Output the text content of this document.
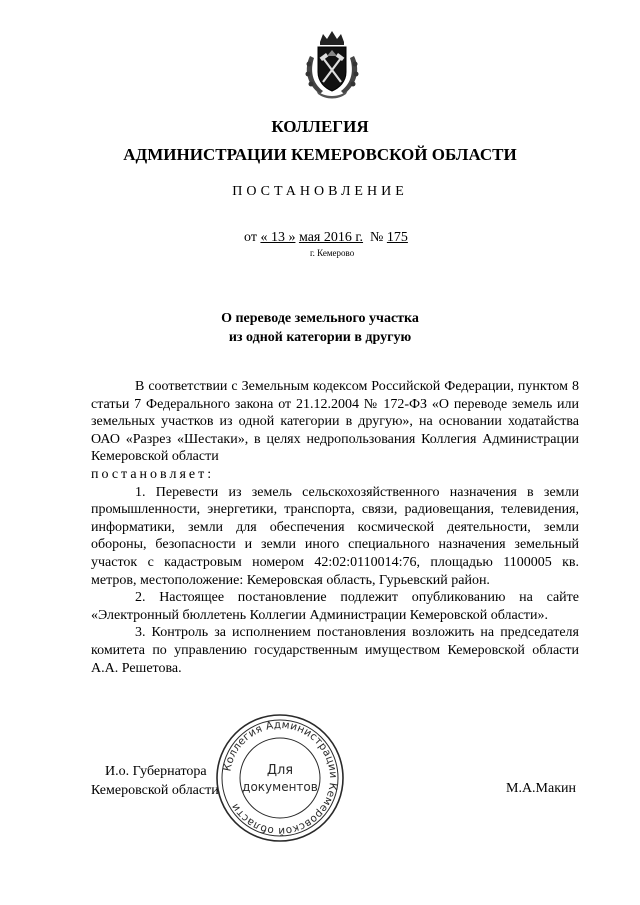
КОЛЛЕГИЯ
АДМИНИСТРАЦИИ КЕМЕРОВСКОЙ ОБЛАСТИ
ПОСТАНОВЛЕНИЕ
от « 13 » мая 2016 г. № 175
г. Кемерово
О переводе земельного участка
из одной категории в другую

В соответствии с Земельным кодексом Российской Федерации, пунктом 8 статьи 7 Федерального закона от 21.12.2004 № 172-ФЗ «О переводе земель или земельных участков из одной категории в другую», на основании ходатайства ОАО «Разрез «Шестаки», в целях недропользования Коллегия Администрации Кемеровской области

постановляет:

1. Перевести из земель сельскохозяйственного назначения в земли промышленности, энергетики, транспорта, связи, радиовещания, телевидения, информатики, земли для обеспечения космической деятельности, земли обороны, безопасности и земли иного специального назначения земельный участок с кадастровым номером 42:02:0110014:76, площадью 1100005 кв. метров, местоположение: Кемеровская область, Гурьевский район.

2. Настоящее постановление подлежит опубликованию на сайте «Электронный бюллетень Коллегии Администрации Кемеровской области».

3. Контроль за исполнением постановления возложить на председателя комитета по управлению государственным имуществом Кемеровской области А.А. Решетова.

И.о. Губернатора
Кемеровской области	М.А.Макин
Коллегия Администрации Кемеровской области
Для
документов
